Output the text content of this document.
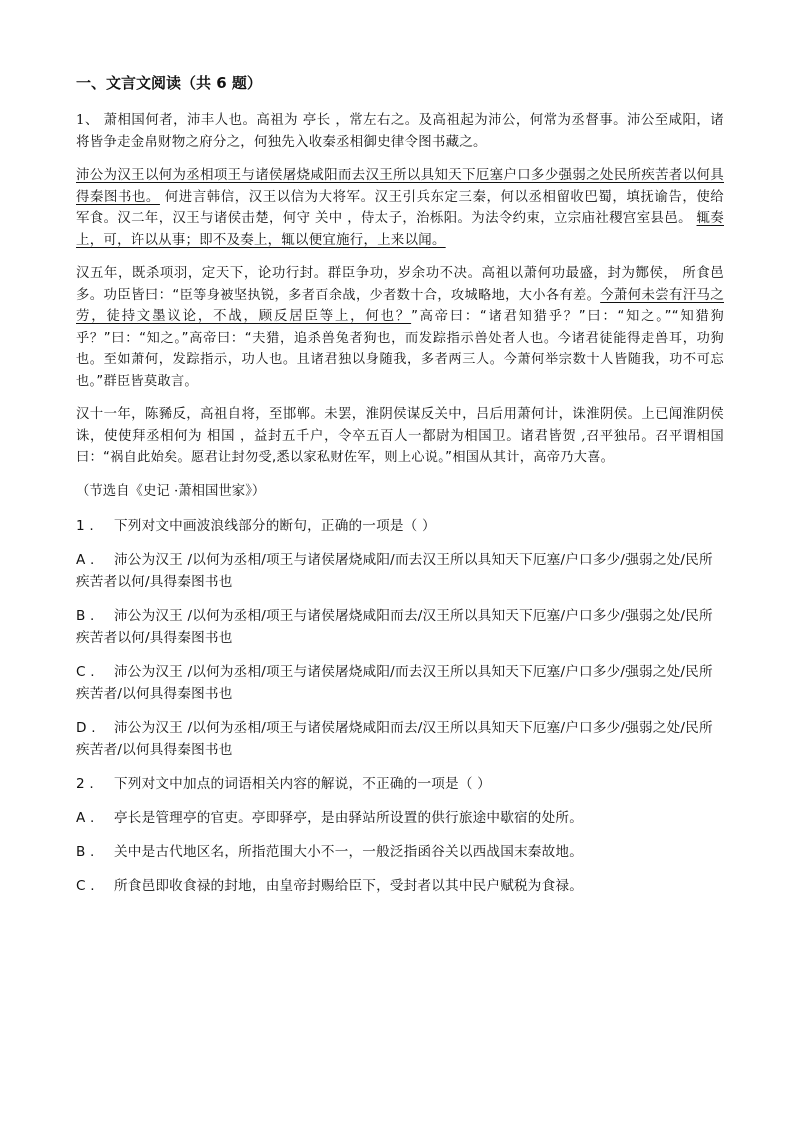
一、文言文阅读（共 6 题）

1、 萧相国何者，沛丰人也。高祖为 亭长 ，常左右之。及高祖起为沛公，何常为丞督事。沛公至咸阳，诸将皆争走金帛财物之府分之，何独先入收秦丞相御史律令图书藏之。

沛公为汉王以何为丞相项王与诸侯屠烧咸阳而去汉王所以具知天下厄塞户口多少强弱之处民所疾苦者以何具得秦图书也。 何进言韩信，汉王以信为大将军。汉王引兵东定三秦，何以丞相留收巴蜀，填抚谕告，使给军食。汉二年，汉王与诸侯击楚，何守 关中 ，侍太子，治栎阳。为法令约束，立宗庙社稷宫室县邑。 辄奏上，可，许以从事；即不及奏上，辄以便宜施行，上来以闻。

汉五年，既杀项羽，定天下，论功行封。群臣争功，岁余功不决。高祖以萧何功最盛，封为酂侯， 所食邑 多。功臣皆曰：“臣等身被坚执锐，多者百余战，少者数十合，攻城略地，大小各有差。今萧何未尝有汗马之劳，徒持文墨议论，不战，顾反居臣等上，何也？”高帝曰：“诸君知猎乎？”曰：“知之。”“知猎狗乎？”曰：“知之。”高帝曰：“夫猎，追杀兽兔者狗也，而发踪指示兽处者人也。今诸君徒能得走兽耳，功狗也。至如萧何，发踪指示，功人也。且诸君独以身随我，多者两三人。今萧何举宗数十人皆随我，功不可忘也。”群臣皆莫敢言。

汉十一年，陈豨反，高祖自将，至邯郸。未罢，淮阴侯谋反关中，吕后用萧何计，诛淮阴侯。上已闻淮阴侯诛，使使拜丞相何为 相国 ，益封五千户，令卒五百人一都尉为相国卫。诸君皆贺 ,召平独吊。召平谓相国曰：“祸自此始矣。愿君让封勿受,悉以家私财佐军，则上心说。”相国从其计，高帝乃大喜。

（节选自《史记 ·萧相国世家》）
1 . 下列对文中画波浪线部分的断句，正确的一项是（ ）
A . 沛公为汉王 /以何为丞相/项王与诸侯屠烧咸阳/而去汉王所以具知天下厄塞/户口多少/强弱之处/民所疾苦者以何/具得秦图书也
B . 沛公为汉王 /以何为丞相/项王与诸侯屠烧咸阳而去/汉王所以具知天下厄塞/户口多少/强弱之处/民所疾苦者以何/具得秦图书也
C . 沛公为汉王 /以何为丞相/项王与诸侯屠烧咸阳/而去汉王所以具知天下厄塞/户口多少/强弱之处/民所疾苦者/以何具得秦图书也
D . 沛公为汉王 /以何为丞相/项王与诸侯屠烧咸阳而去/汉王所以具知天下厄塞/户口多少/强弱之处/民所疾苦者/以何具得秦图书也
2 . 下列对文中加点的词语相关内容的解说，不正确的一项是（ ）
A . 亭长是管理亭的官吏。亭即驿亭，是由驿站所设置的供行旅途中歇宿的处所。
B . 关中是古代地区名，所指范围大小不一，一般泛指函谷关以西战国末秦故地。
C . 所食邑即收食禄的封地，由皇帝封赐给臣下，受封者以其中民户赋税为食禄。
